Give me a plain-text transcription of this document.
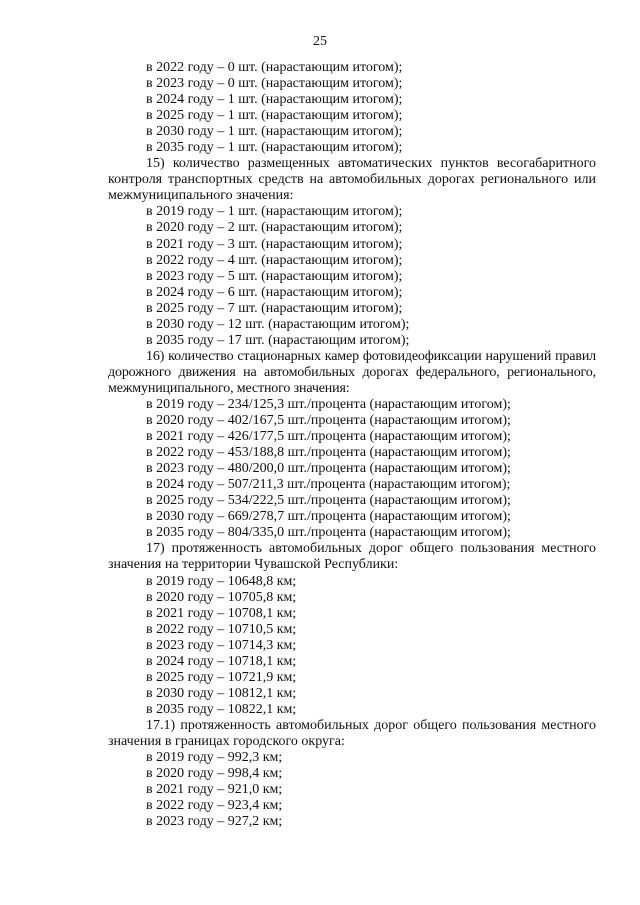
25
в 2022 году – 0 шт. (нарастающим итогом);
в 2023 году – 0 шт. (нарастающим итогом);
в 2024 году – 1 шт. (нарастающим итогом);
в 2025 году – 1 шт. (нарастающим итогом);
в 2030 году – 1 шт. (нарастающим итогом);
в 2035 году – 1 шт. (нарастающим итогом);
15) количество размещенных автоматических пунктов весогабаритного контроля транспортных средств на автомобильных дорогах регионального или межмуниципального значения:
в 2019 году – 1 шт. (нарастающим итогом);
в 2020 году – 2 шт. (нарастающим итогом);
в 2021 году – 3 шт. (нарастающим итогом);
в 2022 году – 4 шт. (нарастающим итогом);
в 2023 году – 5 шт. (нарастающим итогом);
в 2024 году – 6 шт. (нарастающим итогом);
в 2025 году – 7 шт. (нарастающим итогом);
в 2030 году – 12 шт. (нарастающим итогом);
в 2035 году – 17 шт. (нарастающим итогом);
16) количество стационарных камер фотовидеофиксации нарушений правил дорожного движения на автомобильных дорогах федерального, регионального, межмуниципального, местного значения:
в 2019 году – 234/125,3 шт./процента (нарастающим итогом);
в 2020 году – 402/167,5 шт./процента (нарастающим итогом);
в 2021 году – 426/177,5 шт./процента (нарастающим итогом);
в 2022 году – 453/188,8 шт./процента (нарастающим итогом);
в 2023 году – 480/200,0 шт./процента (нарастающим итогом);
в 2024 году – 507/211,3 шт./процента (нарастающим итогом);
в 2025 году – 534/222,5 шт./процента (нарастающим итогом);
в 2030 году – 669/278,7 шт./процента (нарастающим итогом);
в 2035 году – 804/335,0 шт./процента (нарастающим итогом);
17) протяженность автомобильных дорог общего пользования местного значения на территории Чувашской Республики:
в 2019 году – 10648,8 км;
в 2020 году – 10705,8 км;
в 2021 году – 10708,1 км;
в 2022 году – 10710,5 км;
в 2023 году – 10714,3 км;
в 2024 году – 10718,1 км;
в 2025 году – 10721,9 км;
в 2030 году – 10812,1 км;
в 2035 году – 10822,1 км;
17.1) протяженность автомобильных дорог общего пользования местного значения в границах городского округа:
в 2019 году – 992,3 км;
в 2020 году – 998,4 км;
в 2021 году – 921,0 км;
в 2022 году – 923,4 км;
в 2023 году – 927,2 км;
